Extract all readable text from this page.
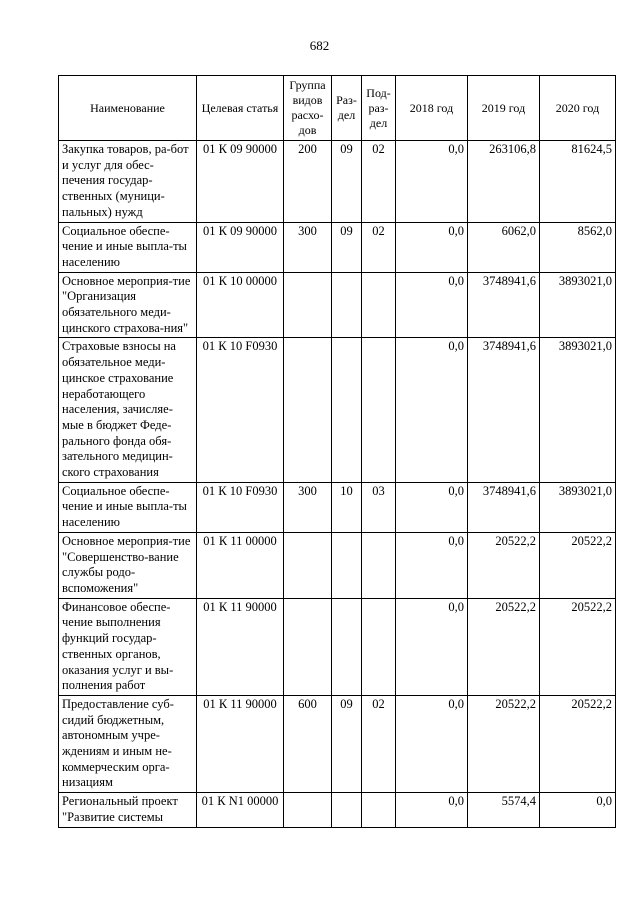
682
Наименование	Целевая статья	Группа видов расхо-дов	Раз-дел	Под-раз-дел	2018 год	2019 год	2020 год
Закупка товаров, ра-бот и услуг для обес-печения государ-ственных (муници-пальных) нужд	01 К 09 90000	200	09	02	0,0	263106,8	81624,5
Социальное обеспе-чение и иные выпла-ты населению	01 К 09 90000	300	09	02	0,0	6062,0	8562,0
Основное мероприя-тие "Организация обязательного меди-цинского страхова-ния"	01 К 10 00000				0,0	3748941,6	3893021,0
Страховые взносы на обязательное меди-цинское страхование неработающего населения, зачисляе-мые в бюджет Феде-рального фонда обя-зательного медицин-ского страхования	01 К 10 F0930				0,0	3748941,6	3893021,0
Социальное обеспе-чение и иные выпла-ты населению	01 К 10 F0930	300	10	03	0,0	3748941,6	3893021,0
Основное мероприя-тие "Совершенство-вание службы родо-вспоможения"	01 К 11 00000				0,0	20522,2	20522,2
Финансовое обеспе-чение выполнения функций государ-ственных органов, оказания услуг и вы-полнения работ	01 К 11 90000				0,0	20522,2	20522,2
Предоставление суб-сидий бюджетным, автономным учре-ждениям и иным не-коммерческим орга-низациям	01 К 11 90000	600	09	02	0,0	20522,2	20522,2
Региональный проект "Развитие системы	01 К N1 00000				0,0	5574,4	0,0
